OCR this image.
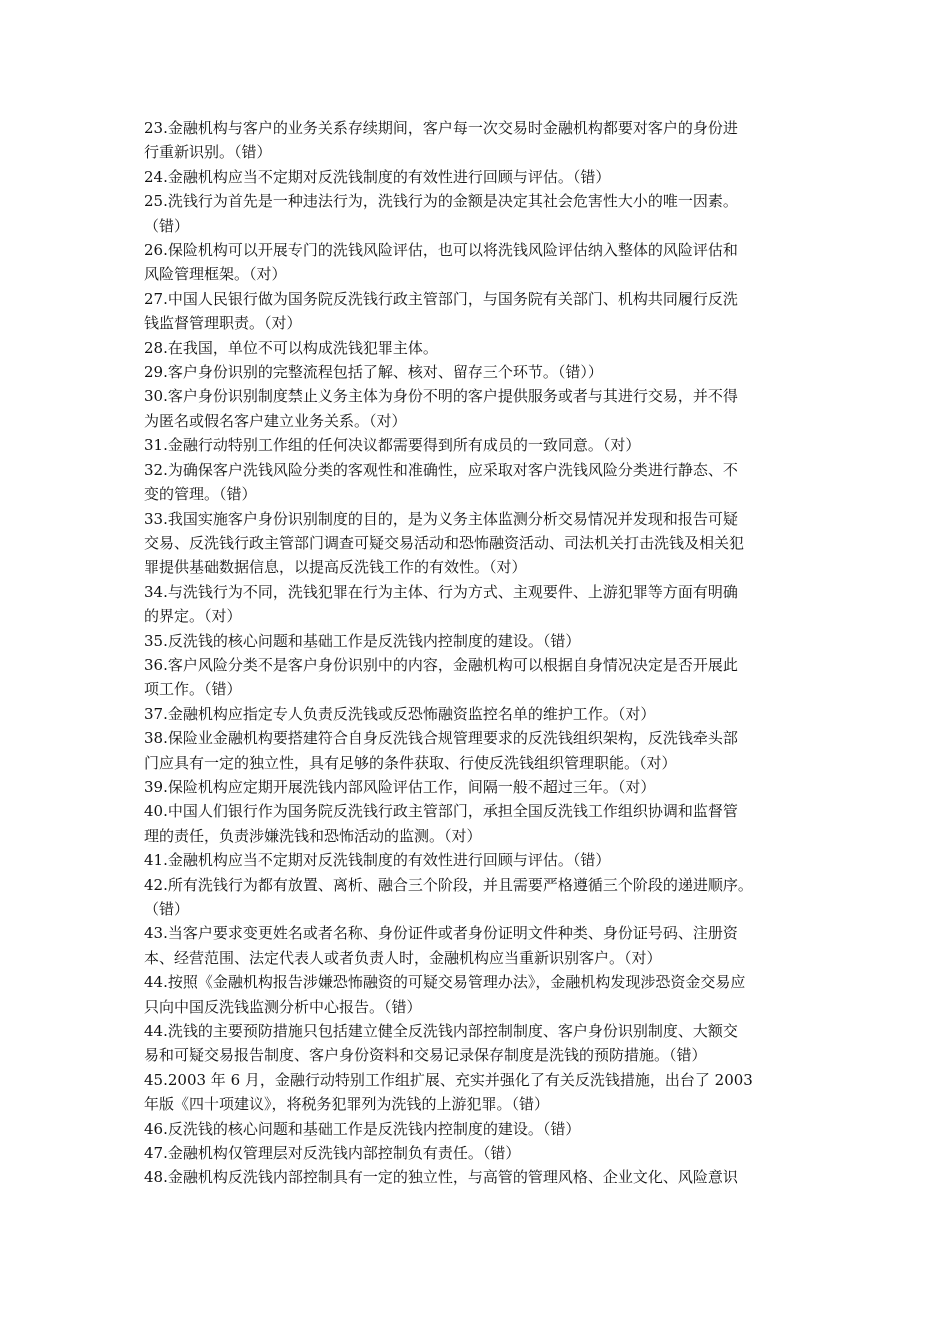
23.金融机构与客户的业务关系存续期间，客户每一次交易时金融机构都要对客户的身份进

行重新识别。（错）

24.金融机构应当不定期对反洗钱制度的有效性进行回顾与评估。（错）

25.洗钱行为首先是一种违法行为，洗钱行为的金额是决定其社会危害性大小的唯一因素。

（错）

26.保险机构可以开展专门的洗钱风险评估，也可以将洗钱风险评估纳入整体的风险评估和

风险管理框架。（对）

27.中国人民银行做为国务院反洗钱行政主管部门，与国务院有关部门、机构共同履行反洗

钱监督管理职责。（对）

28.在我国，单位不可以构成洗钱犯罪主体。

29.客户身份识别的完整流程包括了解、核对、留存三个环节。（错））

30.客户身份识别制度禁止义务主体为身份不明的客户提供服务或者与其进行交易，并不得

为匿名或假名客户建立业务关系。（对）

31.金融行动特别工作组的任何决议都需要得到所有成员的一致同意。（对）

32.为确保客户洗钱风险分类的客观性和准确性，应采取对客户洗钱风险分类进行静态、不

变的管理。（错）

33.我国实施客户身份识别制度的目的，是为义务主体监测分析交易情况并发现和报告可疑

交易、反洗钱行政主管部门调查可疑交易活动和恐怖融资活动、司法机关打击洗钱及相关犯

罪提供基础数据信息，以提高反洗钱工作的有效性。（对）

34.与洗钱行为不同，洗钱犯罪在行为主体、行为方式、主观要件、上游犯罪等方面有明确

的界定。（对）

35.反洗钱的核心问题和基础工作是反洗钱内控制度的建设。（错）

36.客户风险分类不是客户身份识别中的内容，金融机构可以根据自身情况决定是否开展此

项工作。（错）

37.金融机构应指定专人负责反洗钱或反恐怖融资监控名单的维护工作。（对）

38.保险业金融机构要搭建符合自身反洗钱合规管理要求的反洗钱组织架构，反洗钱牵头部

门应具有一定的独立性，具有足够的条件获取、行使反洗钱组织管理职能。（对）

39.保险机构应定期开展洗钱内部风险评估工作，间隔一般不超过三年。（对）

40.中国人们银行作为国务院反洗钱行政主管部门，承担全国反洗钱工作组织协调和监督管

理的责任，负责涉嫌洗钱和恐怖活动的监测。（对）

41.金融机构应当不定期对反洗钱制度的有效性进行回顾与评估。（错）

42.所有洗钱行为都有放置、离析、融合三个阶段，并且需要严格遵循三个阶段的递进顺序。

（错）

43.当客户要求变更姓名或者名称、身份证件或者身份证明文件种类、身份证号码、注册资

本、经营范围、法定代表人或者负责人时，金融机构应当重新识别客户。（对）

44.按照《金融机构报告涉嫌恐怖融资的可疑交易管理办法》，金融机构发现涉恐资金交易应

只向中国反洗钱监测分析中心报告。（错）

44.洗钱的主要预防措施只包括建立健全反洗钱内部控制制度、客户身份识别制度、大额交

易和可疑交易报告制度、客户身份资料和交易记录保存制度是洗钱的预防措施。（错）

45.2003 年 6 月，金融行动特别工作组扩展、充实并强化了有关反洗钱措施，出台了 2003

年版《四十项建议》，将税务犯罪列为洗钱的上游犯罪。（错）

46.反洗钱的核心问题和基础工作是反洗钱内控制度的建设。（错）

47.金融机构仅管理层对反洗钱内部控制负有责任。（错）

48.金融机构反洗钱内部控制具有一定的独立性，与高管的管理风格、企业文化、风险意识
